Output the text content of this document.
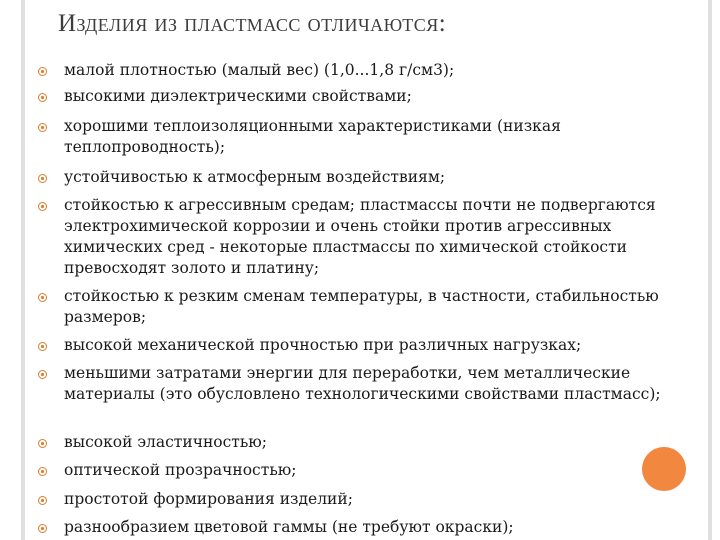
Изделия из пластмасс отличаются:
малой плотностью (малый вес) (1,0...1,8 г/см3);
высокими диэлектрическими свойствами;
хорошими теплоизоляционными характеристиками (низкая теплопроводность);
устойчивостью к атмосферным воздействиям;
стойкостью к агрессивным средам; пластмассы почти не подвергаются электрохимической коррозии и очень стойки против агрессивных химических сред - некоторые пластмассы по химической стойкости превосходят золото и платину;
стойкостью к резким сменам температуры, в частности, стабильностью размеров;
высокой механической прочностью при различных нагрузках;
меньшими затратами энергии для переработки, чем металлические материалы (это обусловлено технологическими свойствами пластмасс);
высокой эластичностью;
оптической прозрачностью;
простотой формирования изделий;
разнообразием цветовой гаммы (не требуют окраски);
